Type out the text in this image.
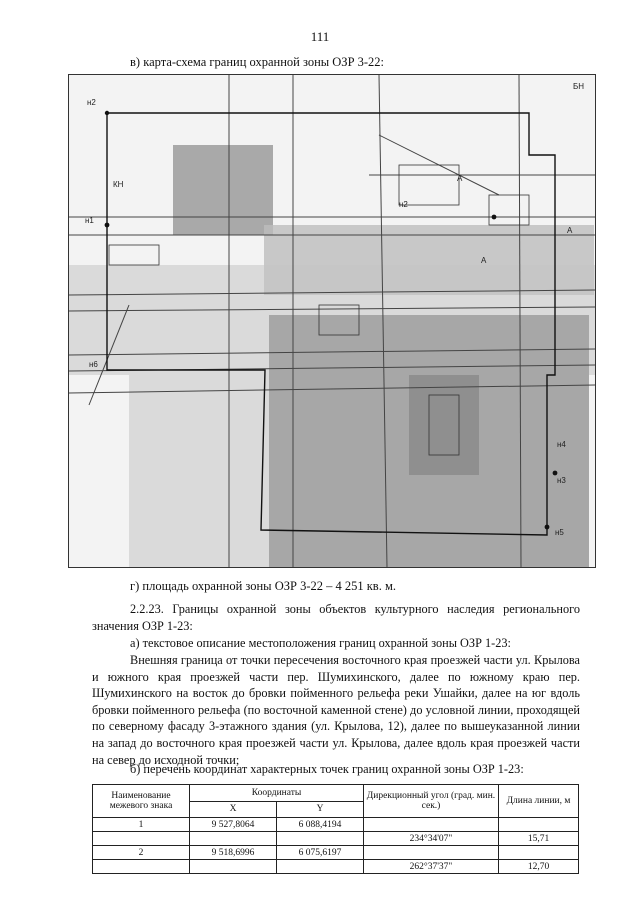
111
в) карта-схема границ охранной зоны ОЗР 3-22:
н2
н1
н2
н4
н3
н6
н5
КН
А
А
А
БН
г) площадь охранной зоны ОЗР 3-22 – 4 251 кв. м.
2.2.23. Границы охранной зоны объектов культурного наследия регионального
значения ОЗР 1-23:
а) текстовое описание местоположения границ охранной зоны ОЗР 1-23:
Внешняя граница от точки пересечения восточного края проезжей части ул. Крылова и южного края проезжей части пер. Шумихинского, далее по южному краю пер. Шумихинского на восток до бровки пойменного рельефа реки Ушайки, далее на юг вдоль бровки пойменного рельефа (по восточной каменной стене) до условной линии, проходящей по северному фасаду 3-этажного здания (ул. Крылова, 12), далее по вышеуказанной линии на запад до восточного края проезжей части ул. Крылова, далее вдоль края проезжей части на север до исходной точки;
б) перечень координат характерных точек границ охранной зоны ОЗР 1-23:
Наименование межевого знака	Координаты		Дирекционный угол (град. мин. сек.)	Длина линии, м
	X	Y		
1	9 527,8064	6 088,4194		
			234°34'07"	15,71
2	9 518,6996	6 075,6197		
			262°37'37"	12,70
